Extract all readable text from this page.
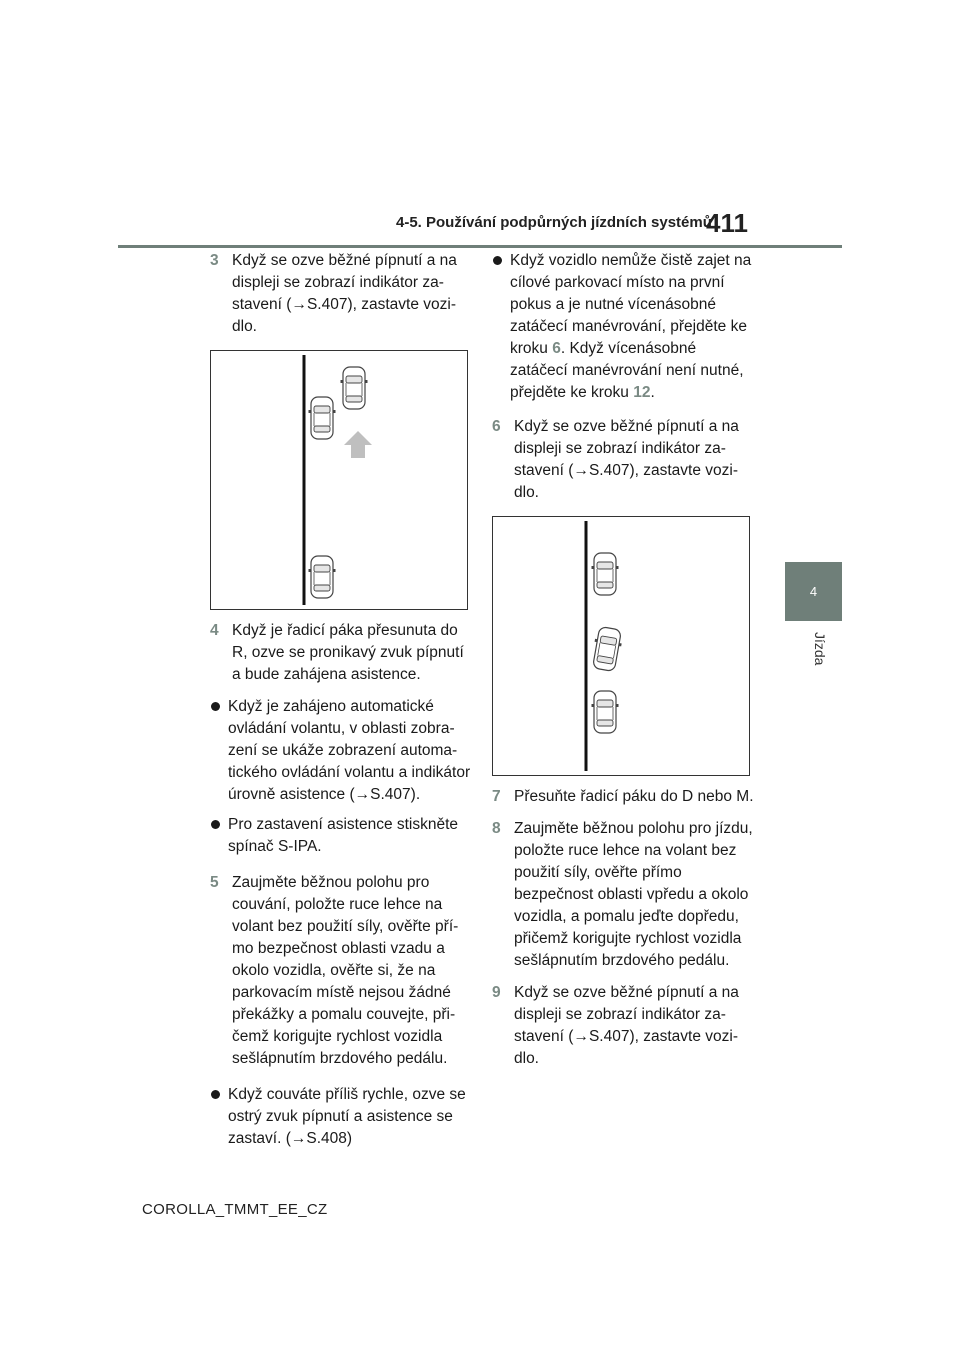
4-5. Používání podpůrných jízdních systémů
411
4
Jízda
3 Když se ozve běžné pípnutí a na displeji se zobrazí indikátor zastavení (→S.407), zastavte vozidlo.
4 Když je řadicí páka přesunuta do R, ozve se pronikavý zvuk pípnutí a bude zahájena asistence.
Když je zahájeno automatické ovládání volantu, v oblasti zobrazení se ukáže zobrazení automatického ovládání volantu a indikátor úrovně asistence (→S.407).
Pro zastavení asistence stiskněte spínač S-IPA.
5 Zaujměte běžnou polohu pro couvání, položte ruce lehce na volant bez použití síly, ověřte přímo bezpečnost oblasti vzadu a okolo vozidla, ověřte si, že na parkovacím místě nejsou žádné překážky a pomalu couvejte, přičemž korigujte rychlost vozidla sešlápnutím brzdového pedálu.
Když couváte příliš rychle, ozve se ostrý zvuk pípnutí a asistence se zastaví. (→S.408)
Když vozidlo nemůže čistě zajet na cílové parkovací místo na první pokus a je nutné vícenásobné zatáčecí manévrování, přejděte ke kroku 6. Když vícenásobné zatáčecí manévrování není nutné, přejděte ke kroku 12.
6 Když se ozve běžné pípnutí a na displeji se zobrazí indikátor zastavení (→S.407), zastavte vozidlo.
7 Přesuňte řadicí páku do D nebo M.
8 Zaujměte běžnou polohu pro jízdu, položte ruce lehce na volant bez použití síly, ověřte přímo bezpečnost oblasti vpředu a okolo vozidla, a pomalu jeďte dopředu, přičemž korigujte rychlost vozidla sešlápnutím brzdového pedálu.
9 Když se ozve běžné pípnutí a na displeji se zobrazí indikátor zastavení (→S.407), zastavte vozidlo.
COROLLA_TMMT_EE_CZ
